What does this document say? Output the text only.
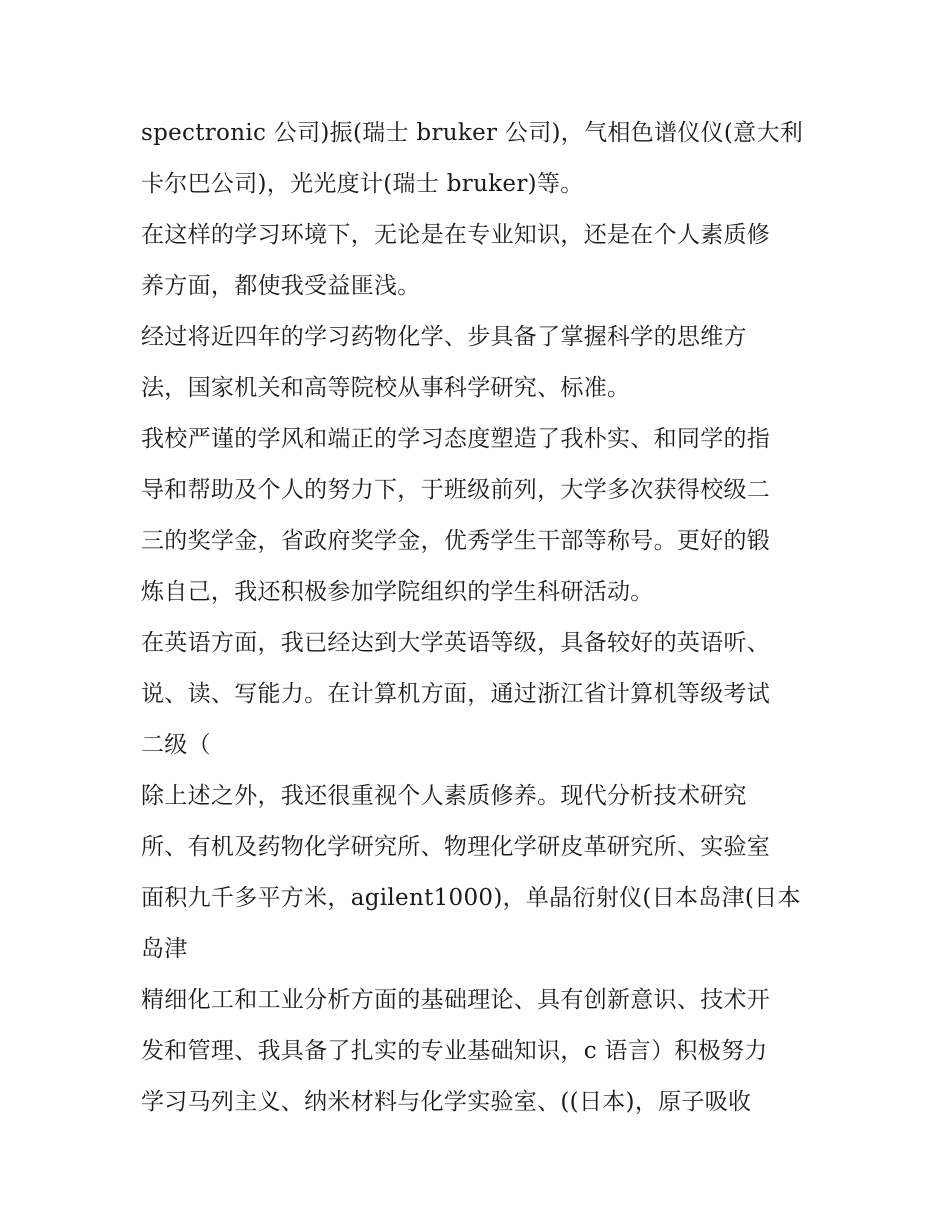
spectronic 公司)振(瑞士 bruker 公司)，气相色谱仪仪(意大利
卡尔巴公司)，光光度计(瑞士 bruker)等。
在这样的学习环境下，无论是在专业知识，还是在个人素质修
养方面，都使我受益匪浅。
经过将近四年的学习药物化学、步具备了掌握科学的思维方
法，国家机关和高等院校从事科学研究、标准。
我校严谨的学风和端正的学习态度塑造了我朴实、和同学的指
导和帮助及个人的努力下，于班级前列，大学多次获得校级二
三的奖学金，省政府奖学金，优秀学生干部等称号。更好的锻
炼自己，我还积极参加学院组织的学生科研活动。
在英语方面，我已经达到大学英语等级，具备较好的英语听、
说、读、写能力。在计算机方面，通过浙江省计算机等级考试
二级（
除上述之外，我还很重视个人素质修养。现代分析技术研究
所、有机及药物化学研究所、物理化学研皮革研究所、实验室
面积九千多平方米，agilent1000)，单晶衍射仪(日本岛津(日本
岛津
精细化工和工业分析方面的基础理论、具有创新意识、技术开
发和管理、我具备了扎实的专业基础知识，c 语言）积极努力
学习马列主义、纳米材料与化学实验室、((日本)，原子吸收
